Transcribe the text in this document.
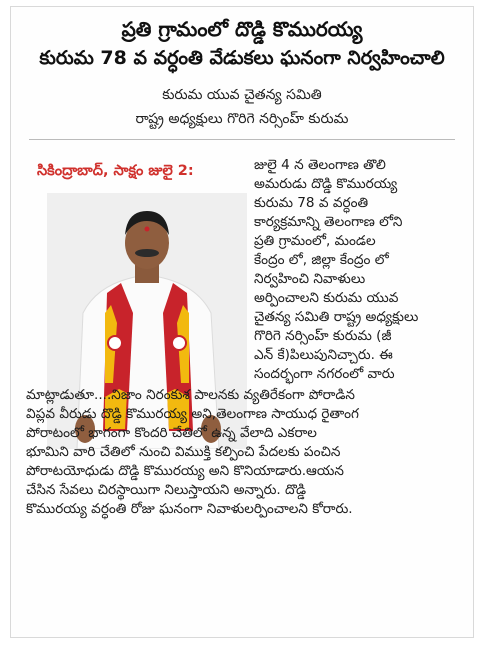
ప్రతి గ్రామంలో దొడ్డి కొమురయ్య
కురుమ 78 వ వర్ధంతి వేడుకలు ఘనంగా నిర్వహించాలి
కురుమ యువ చైతన్య సమితి
రాష్ట్ర అధ్యక్షులు గొరిగె నర్సింహ్ కురుమ
సికింద్రాబాద్, సాక్షం జులై 2:	జులై 4 న తెలంగాణ తొలి
అమరుడు దొడ్డి కొమురయ్య
కురుమ 78 వ వర్ధంతి
కార్యక్రమాన్ని తెలంగాణ లోని
ప్రతి గ్రామంలో, మండల
కేంద్రం లో, జిల్లా కేంద్రం లో
నిర్వహించి నివాళులు
అర్పించాలని కురుమ యువ
చైతన్య సమితి రాష్ట్ర అధ్యక్షులు
గొరిగె నర్సింహ్ కురుమ (జీ
ఎన్ కే)పిలుపునిచ్చారు. ఈ
సందర్భంగా నగరంలో వారు
మాట్లాడుతూ....నిజాం నిరంకుశ పాలనకు వ్యతిరేకంగా పోరాడిన
విప్లవ వీరుడు దొడ్డి కొమురయ్య అని,తెలంగాణ సాయుధ రైతాంగ
పోరాటంలో భాగంగా కొందరి చేతిలో ఉన్న వేలాది ఎకరాల
భూమిని వారి చేతిలో నుంచి విముక్తి కల్పించి పేదలకు పంచిన
పోరాటయోధుడు దొడ్డి కొమురయ్య అని కొనియాడారు.ఆయన
చేసిన సేవలు చిరస్థాయిగా నిలుస్తాయని అన్నారు. దొడ్డి
కొమురయ్య వర్ధంతి రోజు ఘనంగా నివాళులర్పించాలని కోరారు.
